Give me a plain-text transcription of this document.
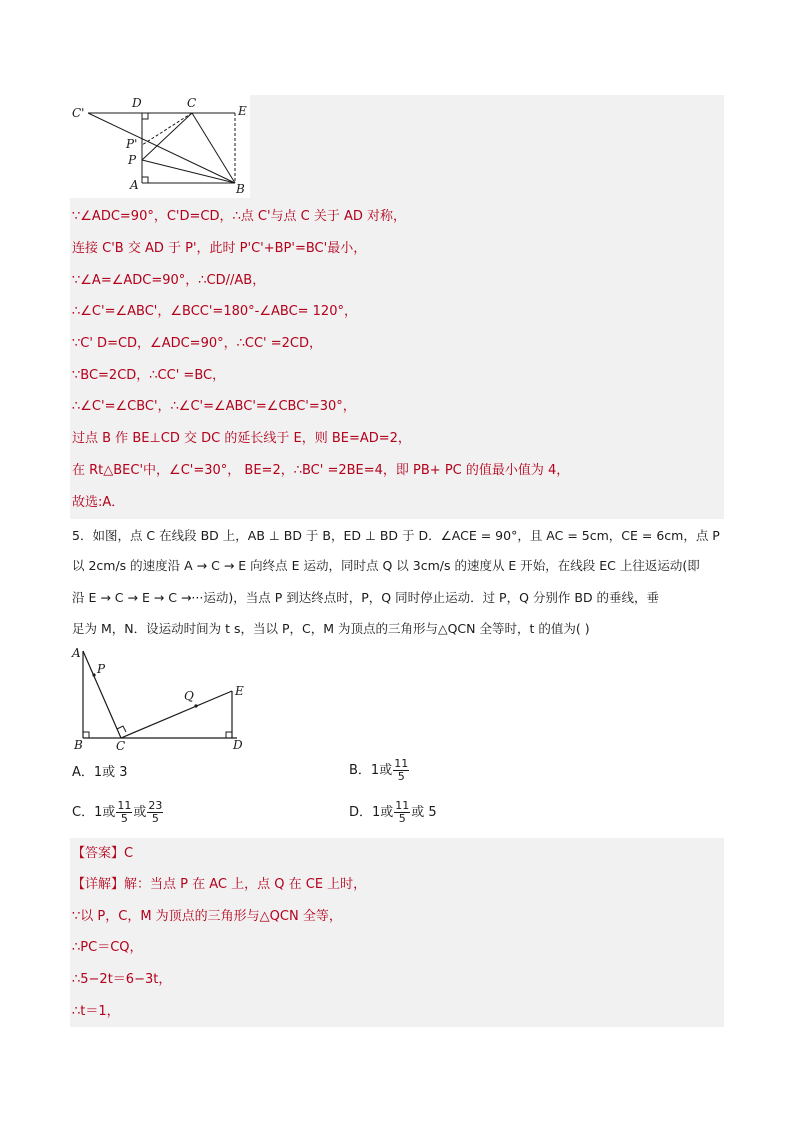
C'
D	C
E
P'
P
A	B
∵∠ADC=90°，C'D=CD，∴点 C'与点 C 关于 AD 对称，
连接 C'B 交 AD 于 P'，此时 P'C'+BP'=BC'最小，
∵∠A=∠ADC=90°，∴CD//AB，
∴∠C'=∠ABC'，∠BCC'=180°-∠ABC= 120°，
∵C' D=CD，∠ADC=90°，∴CC' =2CD，
∵BC=2CD，∴CC' =BC，
∴∠C'=∠CBC'，∴∠C'=∠ABC'=∠CBC'=30°，
过点 B 作 BE⊥CD 交 DC 的延长线于 E，则 BE=AD=2，
在 Rt△BEC'中，∠C'=30°， BE=2，∴BC' =2BE=4，即 PB+ PC 的值最小值为 4，
故选:A．
5．如图，点 C 在线段 BD 上，AB ⊥ BD 于 B，ED ⊥ BD 于 D．∠ACE = 90°，且 AC = 5cm，CE = 6cm，点 P
以 2cm/s 的速度沿 A → C → E 向终点 E 运动，同时点 Q 以 3cm/s 的速度从 E 开始，在线段 EC 上往返运动(即
沿 E → C → E → C →···运动)，当点 P 到达终点时，P，Q 同时停止运动．过 P，Q 分别作 BD 的垂线，垂
足为 M，N．设运动时间为 t s，当以 P，C，M 为顶点的三角形与△QCN 全等时，t 的值为( )
A
P
Q	E
B	C	D
A．1或 3	B．1或 $\frac{11}{5}$
C．1或 $\frac{11}{5}$ 或 $\frac{23}{5}$	D．1或 $\frac{11}{5}$ 或 5
【答案】C
【详解】解：当点 P 在 AC 上，点 Q 在 CE 上时，
∵以 P，C，M 为顶点的三角形与△QCN 全等，
∴PC＝CQ，
∴5−2t＝6−3t，
∴t＝1，
